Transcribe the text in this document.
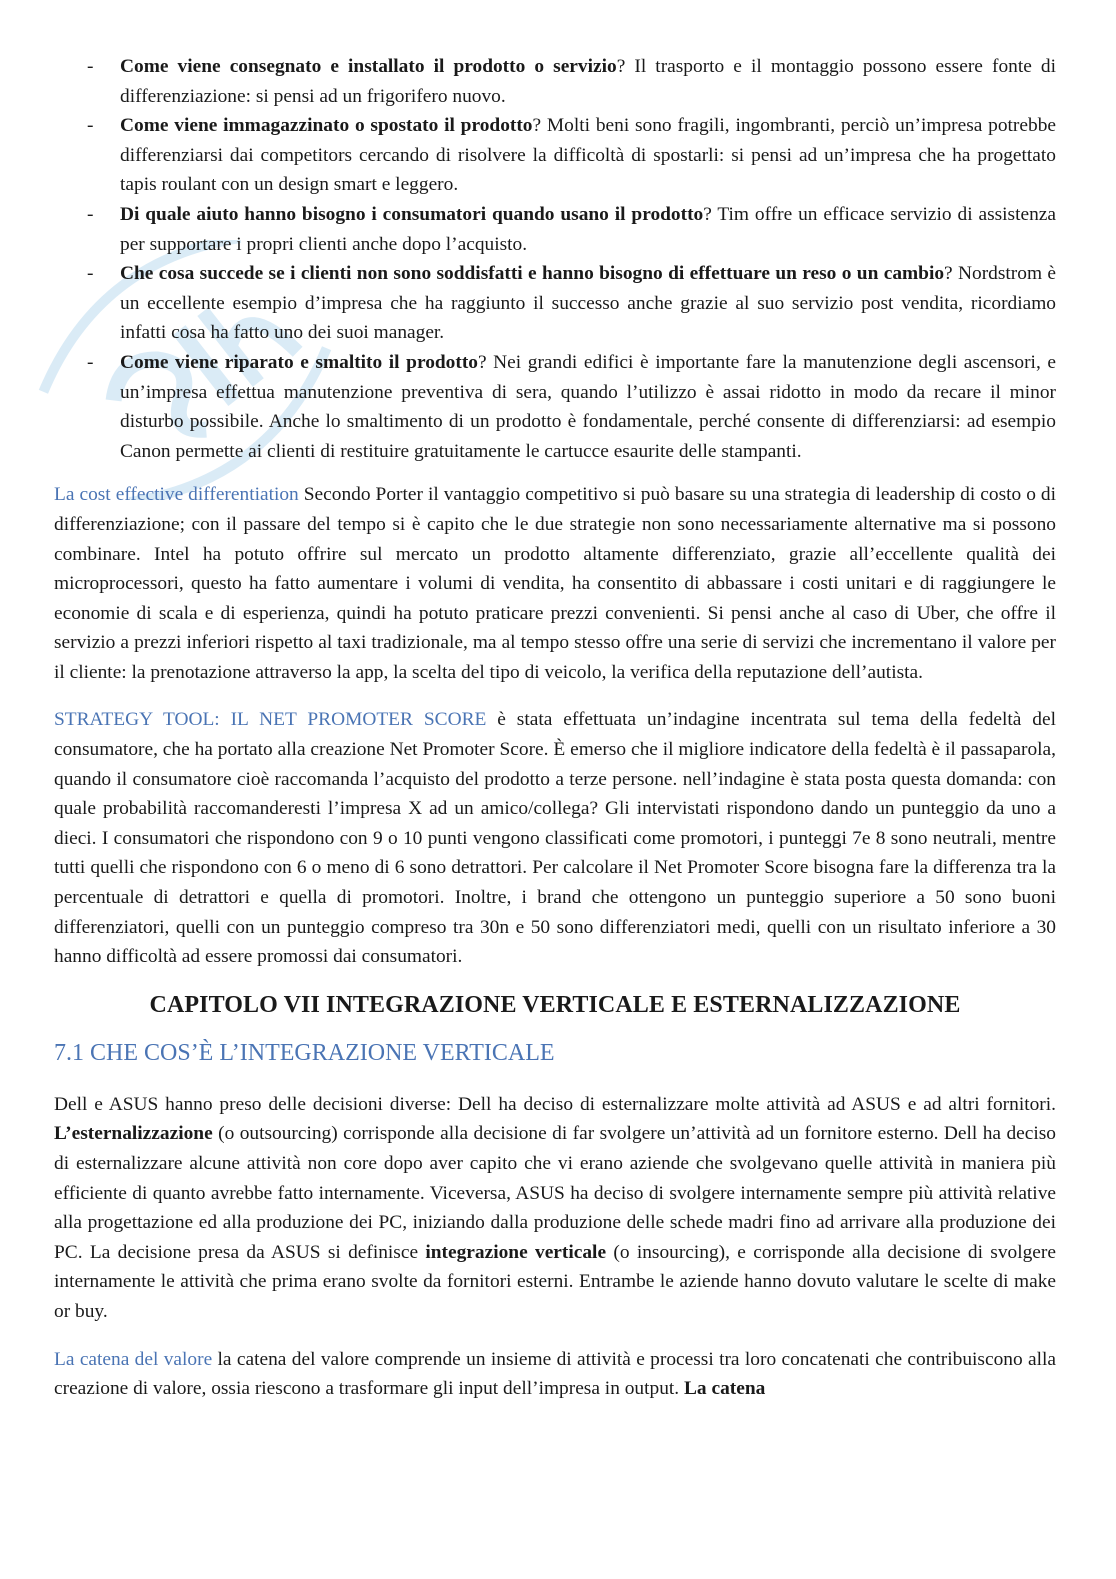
- Come viene consegnato e installato il prodotto o servizio? Il trasporto e il montaggio possono essere fonte di differenziazione: si pensi ad un frigorifero nuovo.
- Come viene immagazzinato o spostato il prodotto? Molti beni sono fragili, ingombranti, perciò un’impresa potrebbe differenziarsi dai competitors cercando di risolvere la difficoltà di spostarli: si pensi ad un’impresa che ha progettato tapis roulant con un design smart e leggero.
- Di quale aiuto hanno bisogno i consumatori quando usano il prodotto? Tim offre un efficace servizio di assistenza per supportare i propri clienti anche dopo l’acquisto.
- Che cosa succede se i clienti non sono soddisfatti e hanno bisogno di effettuare un reso o un cambio? Nordstrom è un eccellente esempio d’impresa che ha raggiunto il successo anche grazie al suo servizio post vendita, ricordiamo infatti cosa ha fatto uno dei suoi manager.
- Come viene riparato e smaltito il prodotto? Nei grandi edifici è importante fare la manutenzione degli ascensori, e un’impresa effettua manutenzione preventiva di sera, quando l’utilizzo è assai ridotto in modo da recare il minor disturbo possibile. Anche lo smaltimento di un prodotto è fondamentale, perché consente di differenziarsi: ad esempio Canon permette ai clienti di restituire gratuitamente le cartucce esaurite delle stampanti.

La cost effective differentiation Secondo Porter il vantaggio competitivo si può basare su una strategia di leadership di costo o di differenziazione; con il passare del tempo si è capito che le due strategie non sono necessariamente alternative ma si possono combinare. Intel ha potuto offrire sul mercato un prodotto altamente differenziato, grazie all’eccellente qualità dei microprocessori, questo ha fatto aumentare i volumi di vendita, ha consentito di abbassare i costi unitari e di raggiungere le economie di scala e di esperienza, quindi ha potuto praticare prezzi convenienti. Si pensi anche al caso di Uber, che offre il servizio a prezzi inferiori rispetto al taxi tradizionale, ma al tempo stesso offre una serie di servizi che incrementano il valore per il cliente: la prenotazione attraverso la app, la scelta del tipo di veicolo, la verifica della reputazione dell’autista.

STRATEGY TOOL: IL NET PROMOTER SCORE è stata effettuata un’indagine incentrata sul tema della fedeltà del consumatore, che ha portato alla creazione Net Promoter Score. È emerso che il migliore indicatore della fedeltà è il passaparola, quando il consumatore cioè raccomanda l’acquisto del prodotto a terze persone. nell’indagine è stata posta questa domanda: con quale probabilità raccomanderesti l’impresa X ad un amico/collega? Gli intervistati rispondono dando un punteggio da uno a dieci. I consumatori che rispondono con 9 o 10 punti vengono classificati come promotori, i punteggi 7e 8 sono neutrali, mentre tutti quelli che rispondono con 6 o meno di 6 sono detrattori. Per calcolare il Net Promoter Score bisogna fare la differenza tra la percentuale di detrattori e quella di promotori. Inoltre, i brand che ottengono un punteggio superiore a 50 sono buoni differenziatori, quelli con un punteggio compreso tra 30n e 50 sono differenziatori medi, quelli con un risultato inferiore a 30 hanno difficoltà ad essere promossi dai consumatori.

CAPITOLO VII INTEGRAZIONE VERTICALE E ESTERNALIZZAZIONE
7.1 CHE COS’È L’INTEGRAZIONE VERTICALE

Dell e ASUS hanno preso delle decisioni diverse: Dell ha deciso di esternalizzare molte attività ad ASUS e ad altri fornitori. L’esternalizzazione (o outsourcing) corrisponde alla decisione di far svolgere un’attività ad un fornitore esterno. Dell ha deciso di esternalizzare alcune attività non core dopo aver capito che vi erano aziende che svolgevano quelle attività in maniera più efficiente di quanto avrebbe fatto internamente. Viceversa, ASUS ha deciso di svolgere internamente sempre più attività relative alla progettazione ed alla produzione dei PC, iniziando dalla produzione delle schede madri fino ad arrivare alla produzione dei PC. La decisione presa da ASUS si definisce integrazione verticale (o insourcing), e corrisponde alla decisione di svolgere internamente le attività che prima erano svolte da fornitori esterni. Entrambe le aziende hanno dovuto valutare le scelte di make or buy.

La catena del valore la catena del valore comprende un insieme di attività e processi tra loro concatenati che contribuiscono alla creazione di valore, ossia riescono a trasformare gli input dell’impresa in output. La catena
